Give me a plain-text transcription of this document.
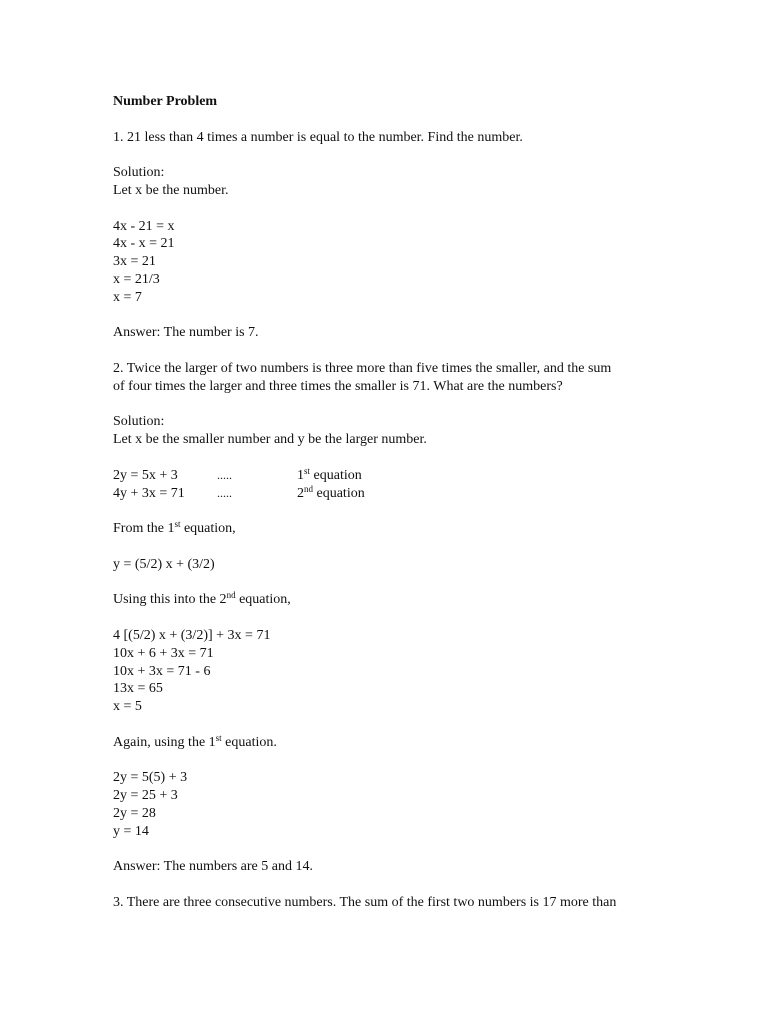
Number Problem
1. 21 less than 4 times a number is equal to the number. Find the number.
Solution:
Let x be the number.
4x - 21 = x
4x - x = 21
3x = 21
x = 21/3
x = 7
Answer: The number is 7.
2. Twice the larger of two numbers is three more than five times the smaller, and the sum
of four times the larger and three times the smaller is 71. What are the numbers?
Solution:
Let x be the smaller number and y be the larger number.
2y = 5x + 3	.....	1st equation
4y + 3x = 71	.....	2nd equation
From the 1st equation,
y = (5/2) x + (3/2)
Using this into the 2nd equation,
4 [(5/2) x + (3/2)] + 3x = 71
10x + 6 + 3x = 71
10x + 3x = 71 - 6
13x = 65
x = 5
Again, using the 1st equation.
2y = 5(5) + 3
2y = 25 + 3
2y = 28
y = 14
Answer: The numbers are 5 and 14.
3. There are three consecutive numbers. The sum of the first two numbers is 17 more than
